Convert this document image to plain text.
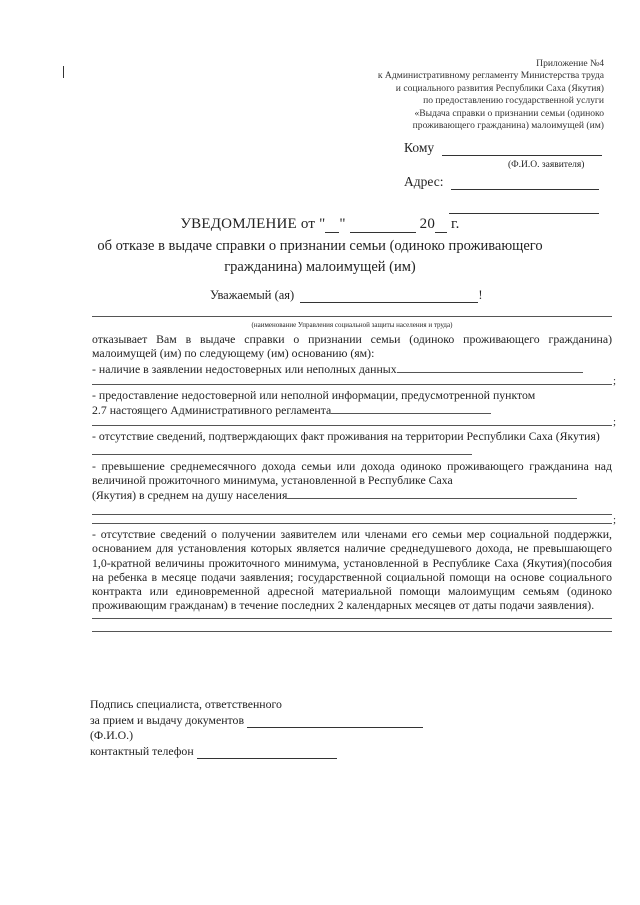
Приложение №4
к Административному регламенту Министерства труда
и социального развития Республики Саха (Якутия)
по предоставлению государственной услуги
«Выдача справки о признании семьи (одиноко
проживающего гражданина) малоимущей (им)
Кому
(Ф.И.О. заявителя)
Адрес:
УВЕДОМЛЕНИЕ от " "	20 г.
об отказе в выдаче справки о признании семьи (одиноко проживающего гражданина) малоимущей (им)
Уважаемый (ая)	!
(наименование Управления социальной защиты населения и труда)

отказывает Вам в выдаче справки о признании семьи (одиноко проживающего гражданина) малоимущей (им) по следующему (им) основанию (ям):

- наличие в заявлении недостоверных или неполных данных

;

- предоставление недостоверной или неполной информации, предусмотренной пунктом

2.7 настоящего Административного регламента

;

- отсутствие сведений, подтверждающих факт проживания на территории Республики Саха (Якутия)

- превышение среднемесячного дохода семьи или дохода одиноко проживающего гражданина над величиной прожиточного минимума, установленной в Республике Саха

(Якутия) в среднем на душу населения

;

- отсутствие сведений о получении заявителем или членами его семьи мер социальной поддержки, основанием для установления которых является наличие среднедушевого дохода, не превышающего 1,0-кратной величины прожиточного минимума, установленной в Республике Саха (Якутия)(пособия на ребенка в месяце подачи заявления; государственной социальной помощи на основе социального контракта или единовременной адресной материальной помощи малоимущим семьям (одиноко проживающим гражданам) в течение последних 2 календарных месяцев от даты подачи заявления).

Подпись специалиста, ответственного
за прием и выдачу документов
(Ф.И.О.)
контактный телефон
